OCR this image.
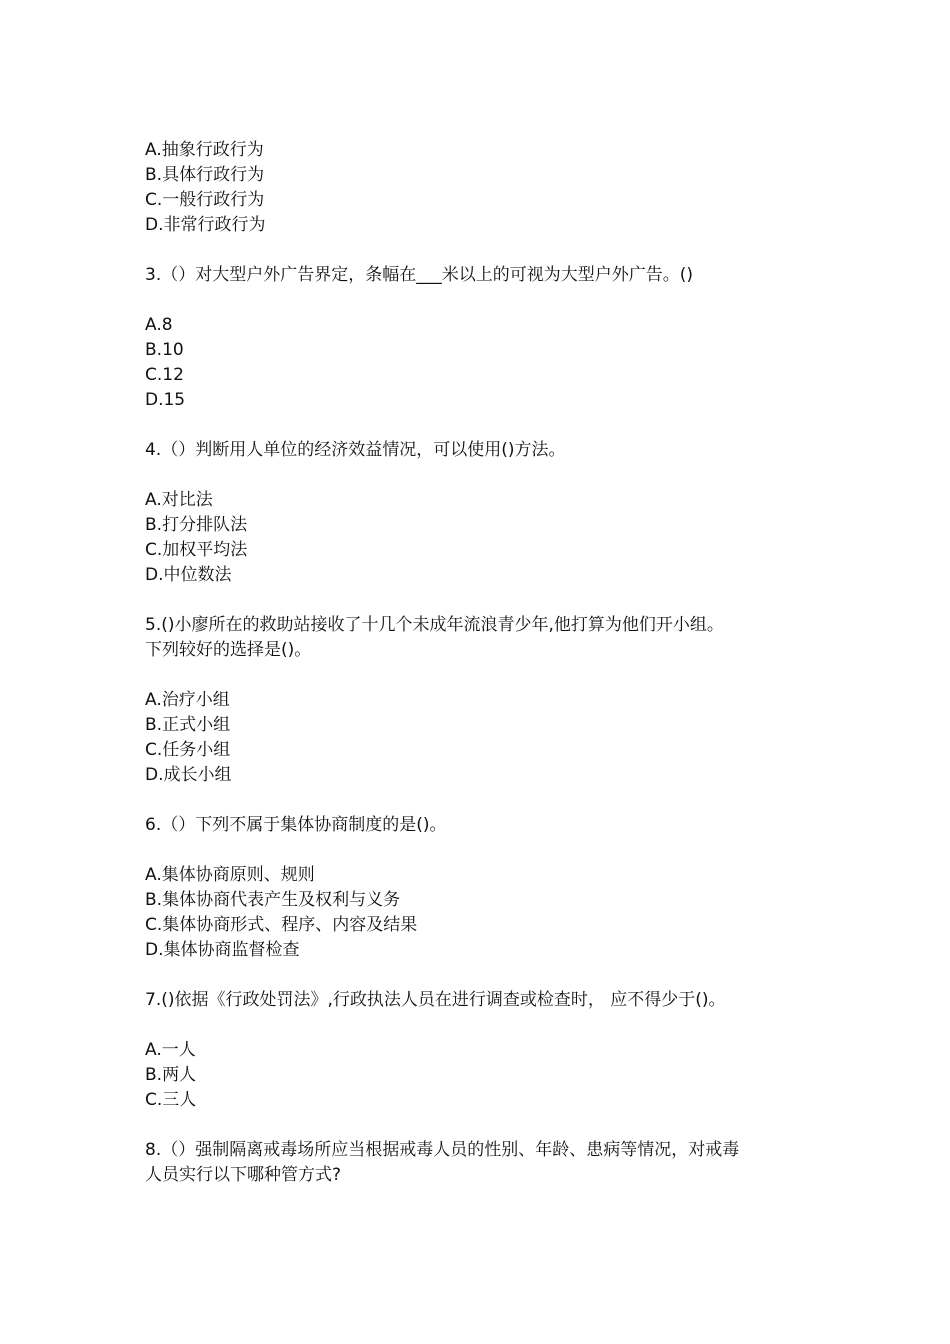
A.抽象行政行为
B.具体行政行为
C.一般行政行为
D.非常行政行为
3.（）对大型户外广告界定，条幅在___米以上的可视为大型户外广告。()
A.8
B.10
C.12
D.15
4.（）判断用人单位的经济效益情况，可以使用()方法。
A.对比法
B.打分排队法
C.加权平均法
D.中位数法
5.()小廖所在的救助站接收了十几个未成年流浪青少年,他打算为他们开小组。
下列较好的选择是()。
A.治疗小组
B.正式小组
C.任务小组
D.成长小组
6.（）下列不属于集体协商制度的是()。
A.集体协商原则、规则
B.集体协商代表产生及权利与义务
C.集体协商形式、程序、内容及结果
D.集体协商监督检查
7.()依据《行政处罚法》,行政执法人员在进行调查或检查时， 应不得少于()。
A.一人
B.两人
C.三人
8.（）强制隔离戒毒场所应当根据戒毒人员的性别、年龄、患病等情况，对戒毒
人员实行以下哪种管方式?
